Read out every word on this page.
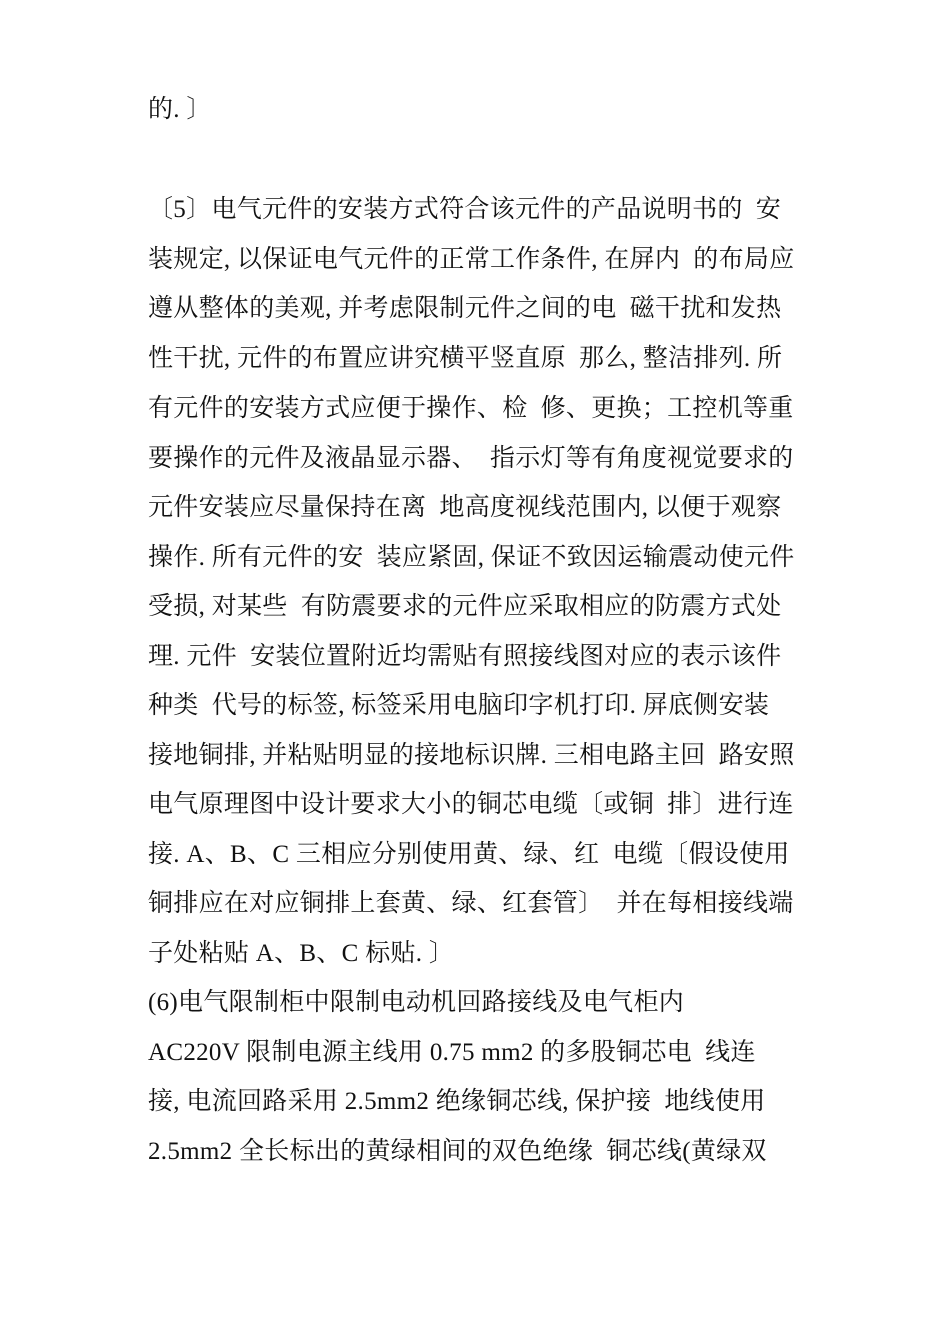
的. 〕
〔5〕电气元件的安装方式符合该元件的产品说明书的  安
装规定, 以保证电气元件的正常工作条件, 在屏内  的布局应
遵从整体的美观, 并考虑限制元件之间的电  磁干扰和发热
性干扰, 元件的布置应讲究横平竖直原  那么, 整洁排列. 所
有元件的安装方式应便于操作、检  修、更换；工控机等重
要操作的元件及液晶显示器、  指示灯等有角度视觉要求的
元件安装应尽量保持在离  地高度视线范围内, 以便于观察
操作. 所有元件的安  装应紧固, 保证不致因运输震动使元件
受损, 对某些  有防震要求的元件应采取相应的防震方式处
理. 元件  安装位置附近均需贴有照接线图对应的表示该件
种类  代号的标签, 标签采用电脑印字机打印. 屏底侧安装
接地铜排, 并粘贴明显的接地标识牌. 三相电路主回  路安照
电气原理图中设计要求大小的铜芯电缆〔或铜  排〕进行连
接. A、B、C 三相应分别使用黄、绿、红  电缆〔假设使用
铜排应在对应铜排上套黄、绿、红套管〕  并在每相接线端
子处粘贴 A、B、C 标贴. 〕
(6)电气限制柜中限制电动机回路接线及电气柜内
AC220V 限制电源主线用 0.75 mm2 的多股铜芯电  线连
接, 电流回路采用 2.5mm2 绝缘铜芯线, 保护接  地线使用
2.5mm2 全长标出的黄绿相间的双色绝缘  铜芯线(黄绿双
